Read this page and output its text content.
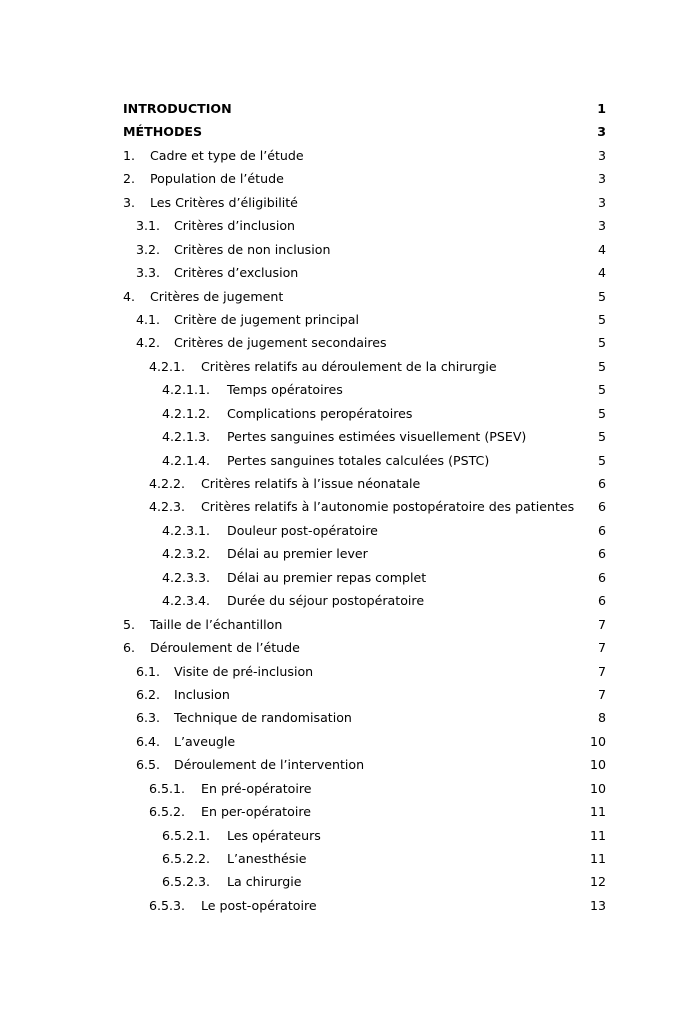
INTRODUCTION	1
MÉTHODES	3
1. Cadre et type de l’étude	3
2. Population de l’étude	3
3. Les Critères d’éligibilité	3
3.1. Critères d’inclusion	3
3.2. Critères de non inclusion	4
3.3. Critères d’exclusion	4
4. Critères de jugement	5
4.1. Critère de jugement principal	5
4.2. Critères de jugement secondaires	5
4.2.1. Critères relatifs au déroulement de la chirurgie	5
4.2.1.1. Temps opératoires	5
4.2.1.2. Complications peropératoires	5
4.2.1.3. Pertes sanguines estimées visuellement (PSEV)	5
4.2.1.4. Pertes sanguines totales calculées (PSTC)	5
4.2.2. Critères relatifs à l’issue néonatale	6
4.2.3. Critères relatifs à l’autonomie postopératoire des patientes 6
4.2.3.1. Douleur post-opératoire	6
4.2.3.2. Délai au premier lever	6
4.2.3.3. Délai au premier repas complet	6
4.2.3.4. Durée du séjour postopératoire	6
5. Taille de l’échantillon	7
6. Déroulement de l’étude	7
6.1. Visite de pré-inclusion	7
6.2. Inclusion	7
6.3. Technique de randomisation	8
6.4. L’aveugle	10
6.5. Déroulement de l’intervention	10
6.5.1. En pré-opératoire	10
6.5.2. En per-opératoire	11
6.5.2.1. Les opérateurs	11
6.5.2.2. L’anesthésie	11
6.5.2.3. La chirurgie	12
6.5.3. Le post-opératoire	13
